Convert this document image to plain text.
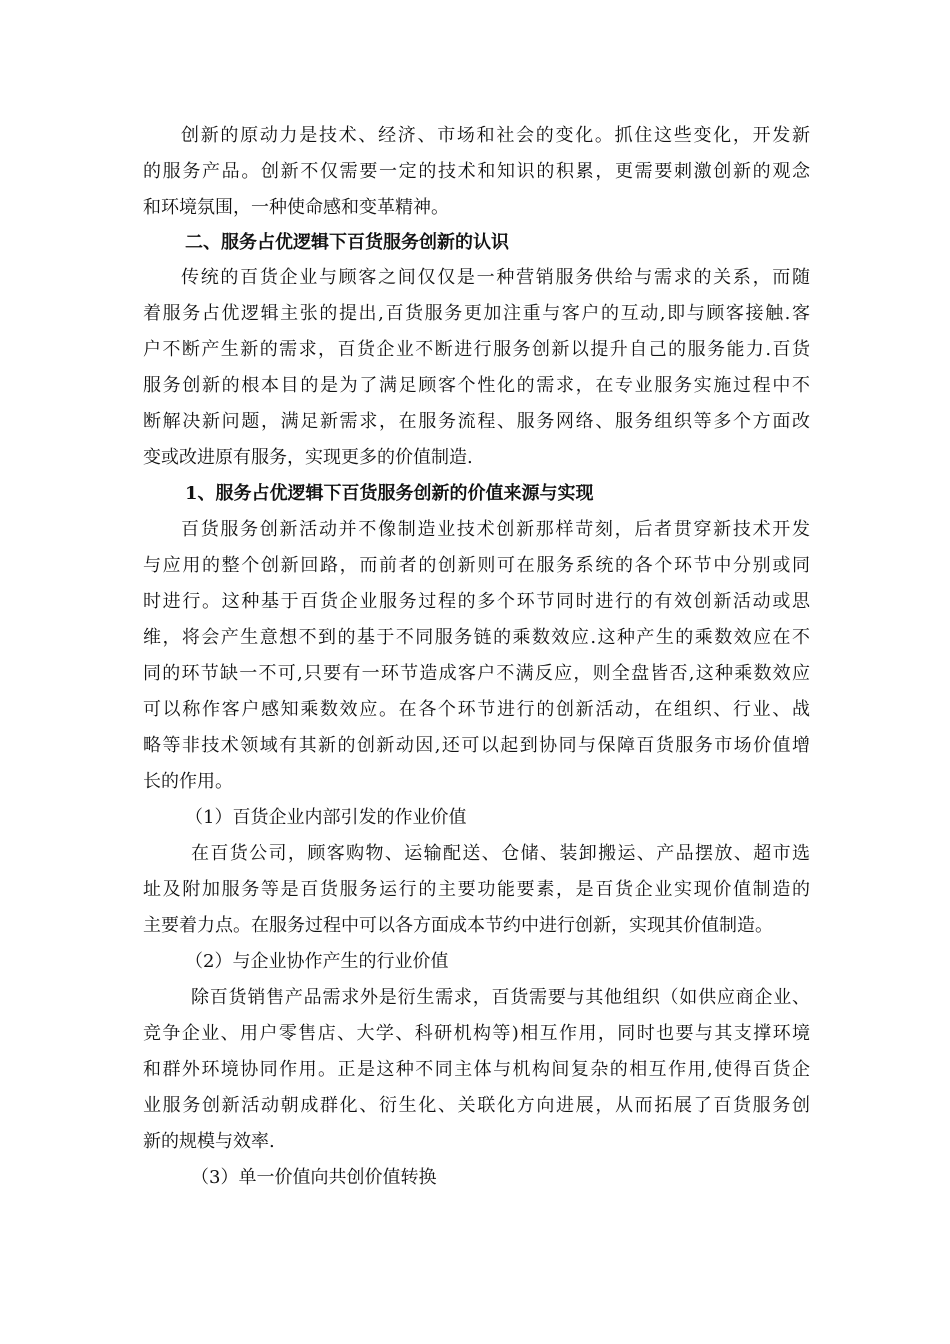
创新的原动力是技术、经济、市场和社会的变化。抓住这些变化，开发新
的服务产品。创新不仅需要一定的技术和知识的积累，更需要刺激创新的观念
和环境氛围，一种使命感和变革精神。
二、服务占优逻辑下百货服务创新的认识
传统的百货企业与顾客之间仅仅是一种营销服务供给与需求的关系，而随
着服务占优逻辑主张的提出,百货服务更加注重与客户的互动,即与顾客接触.客
户不断产生新的需求，百货企业不断进行服务创新以提升自己的服务能力.百货
服务创新的根本目的是为了满足顾客个性化的需求，在专业服务实施过程中不
断解决新问题，满足新需求，在服务流程、服务网络、服务组织等多个方面改
变或改进原有服务，实现更多的价值制造.
1、服务占优逻辑下百货服务创新的价值来源与实现
百货服务创新活动并不像制造业技术创新那样苛刻，后者贯穿新技术开发
与应用的整个创新回路，而前者的创新则可在服务系统的各个环节中分别或同
时进行。这种基于百货企业服务过程的多个环节同时进行的有效创新活动或思
维，将会产生意想不到的基于不同服务链的乘数效应.这种产生的乘数效应在不
同的环节缺一不可,只要有一环节造成客户不满反应，则全盘皆否,这种乘数效应
可以称作客户感知乘数效应。在各个环节进行的创新活动，在组织、行业、战
略等非技术领域有其新的创新动因,还可以起到协同与保障百货服务市场价值增
长的作用。
（1）百货企业内部引发的作业价值
在百货公司，顾客购物、运输配送、仓储、装卸搬运、产品摆放、超市选
址及附加服务等是百货服务运行的主要功能要素，是百货企业实现价值制造的
主要着力点。在服务过程中可以各方面成本节约中进行创新，实现其价值制造。
（2）与企业协作产生的行业价值
除百货销售产品需求外是衍生需求，百货需要与其他组织（如供应商企业、
竞争企业、用户零售店、大学、科研机构等)相互作用，同时也要与其支撑环境
和群外环境协同作用。正是这种不同主体与机构间复杂的相互作用,使得百货企
业服务创新活动朝成群化、衍生化、关联化方向进展，从而拓展了百货服务创
新的规模与效率.
（3）单一价值向共创价值转换
